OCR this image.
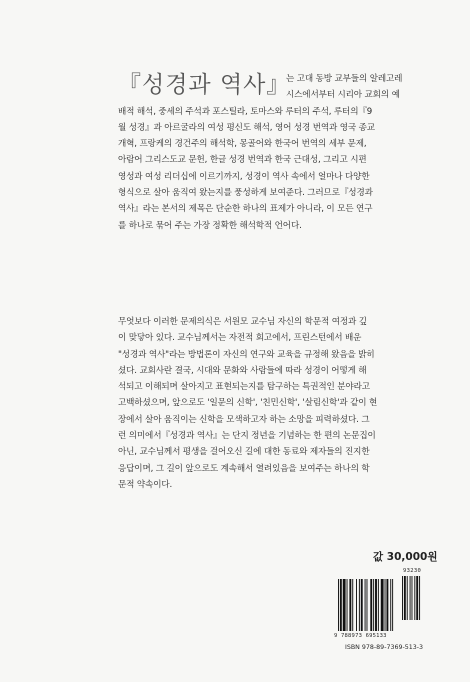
『성경과 역사』
는 고대 동방 교부들의 알레고레
시스에서부터 시리아 교회의 예
배적 해석, 중세의 주석과 포스틸라, 토마스와 루터의 주석, 루터의『9
월 성경』과 아르굴라의 여성 평신도 해석, 영어 성경 번역과 영국 종교
개혁, 프랑케의 경건주의 해석학, 몽골어와 한국어 번역의 세부 문제,
아람어 그리스도교 문헌, 한글 성경 번역과 한국 근대성, 그리고 시편
영성과 여성 리더십에 이르기까지, 성경이 역사 속에서 얼마나 다양한
형식으로 살아 움직여 왔는지를 풍성하게 보여준다. 그러므로『성경과
역사』라는 본서의 제목은 단순한 하나의 표제가 아니라, 이 모든 연구
를 하나로 묶어 주는 가장 정확한 해석학적 언어다.
무엇보다 이러한 문제의식은 서원모 교수님 자신의 학문적 여정과 깊
이 맞닿아 있다. 교수님께서는 자전적 회고에서, 프린스턴에서 배운
"성경과 역사"라는 방법론이 자신의 연구와 교육을 규정해 왔음을 밝히
셨다. 교회사란 결국, 시대와 문화와 사람들에 따라 성경이 어떻게 해
석되고 이해되며 살아지고 표현되는지를 탐구하는 특권적인 분야라고
고백하셨으며, 앞으로도 '일문의 신학', '친민신학', '살림신학'과 같이 현
장에서 살아 움직이는 신학을 모색하고자 하는 소망을 피력하셨다. 그
런 의미에서『성경과 역사』는 단지 정년을 기념하는 한 편의 논문집이
아닌, 교수님께서 평생을 걸어오신 길에 대한 동료와 제자들의 진지한
응답이며, 그 길이 앞으로도 계속해서 열려있음을 보여주는 하나의 학
문적 약속이다.
값 30,000원
93230
9 788973 695133
ISBN 978-89-7369-513-3
